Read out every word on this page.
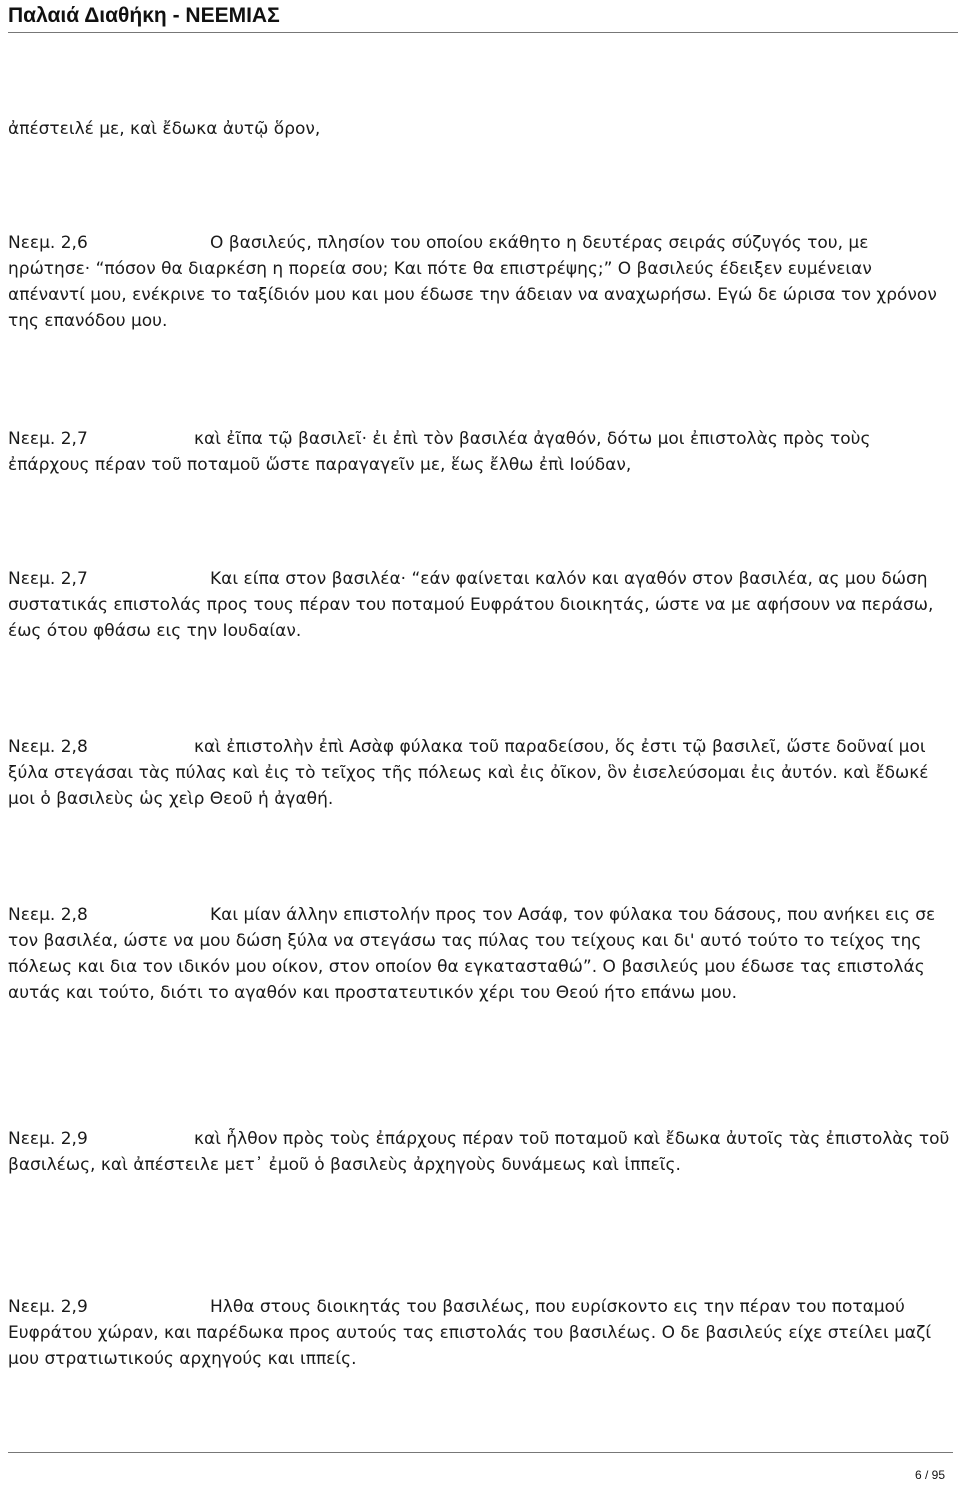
Παλαιά Διαθήκη - ΝΕΕΜΙΑΣ
ἀπέστειλέ με, καὶ ἔδωκα ἀυτῷ ὅρον,
Νεεμ. 2,6	Ο βασιλεύς, πλησίον του οποίου εκάθητο η δευτέρας σειράς σύζυγός του, με ηρώτησε· “πόσον θα διαρκέση η πορεία σου; Και πότε θα επιστρέψης;” Ο βασιλεύς έδειξεν ευμένειαν απέναντί μου, ενέκρινε το ταξίδιόν μου και μου έδωσε την άδειαν να αναχωρήσω. Εγώ δε ώρισα τον χρόνον της επανόδου μου.
Νεεμ. 2,7	καὶ ἐῖπα τῷ βασιλεῖ· ἐι ἐπὶ τὸν βασιλέα ἀγαθόν, δότω μοι ἐπιστολὰς πρὸς τοὺς ἐπάρχους πέραν τοῦ ποταμοῦ ὥστε παραγαγεῖν με, ἕως ἔλθω ἐπὶ Ιούδαν,
Νεεμ. 2,7	Και είπα στον βασιλέα· “εάν φαίνεται καλόν και αγαθόν στον βασιλέα, ας μου δώση συστατικάς επιστολάς προς τους πέραν του ποταμού Ευφράτου διοικητάς, ώστε να με αφήσουν να περάσω, έως ότου φθάσω εις την Ιουδαίαν.
Νεεμ. 2,8	καὶ ἐπιστολὴν ἐπὶ Ασὰφ φύλακα τοῦ παραδείσου, ὅς ἐστι τῷ βασιλεῖ, ὥστε δοῦναί μοι ξύλα στεγάσαι τὰς πύλας καὶ ἐις τὸ τεῖχος τῆς πόλεως καὶ ἐις ὀῖκον, ὃν ἐισελεύσομαι ἐις ἀυτόν. καὶ ἔδωκέ μοι ὁ βασιλεὺς ὡς χεὶρ Θεοῦ ἡ ἀγαθή.
Νεεμ. 2,8	Και μίαν άλλην επιστολήν προς τον Ασάφ, τον φύλακα του δάσους, που ανήκει εις σε τον βασιλέα, ώστε να μου δώση ξύλα να στεγάσω τας πύλας του τείχους και δι' αυτό τούτο το τείχος της πόλεως και δια τον ιδικόν μου οίκον, στον οποίον θα εγκατασταθώ”. Ο βασιλεύς μου έδωσε τας επιστολάς αυτάς και τούτο, διότι το αγαθόν και προστατευτικόν χέρι του Θεού ήτο επάνω μου.
Νεεμ. 2,9	καὶ ἦλθον πρὸς τοὺς ἐπάρχους πέραν τοῦ ποταμοῦ καὶ ἔδωκα ἀυτοῖς τὰς ἐπιστολὰς τοῦ βασιλέως, καὶ ἀπέστειλε μετ᾿ ἐμοῦ ὁ βασιλεὺς ἀρχηγοὺς δυνάμεως καὶ ἱππεῖς.
Νεεμ. 2,9	Ηλθα στους διοικητάς του βασιλέως, που ευρίσκοντο εις την πέραν του ποταμού Ευφράτου χώραν, και παρέδωκα προς αυτούς τας επιστολάς του βασιλέως. Ο δε βασιλεύς είχε στείλει μαζί μου στρατιωτικούς αρχηγούς και ιππείς.
6 / 95
